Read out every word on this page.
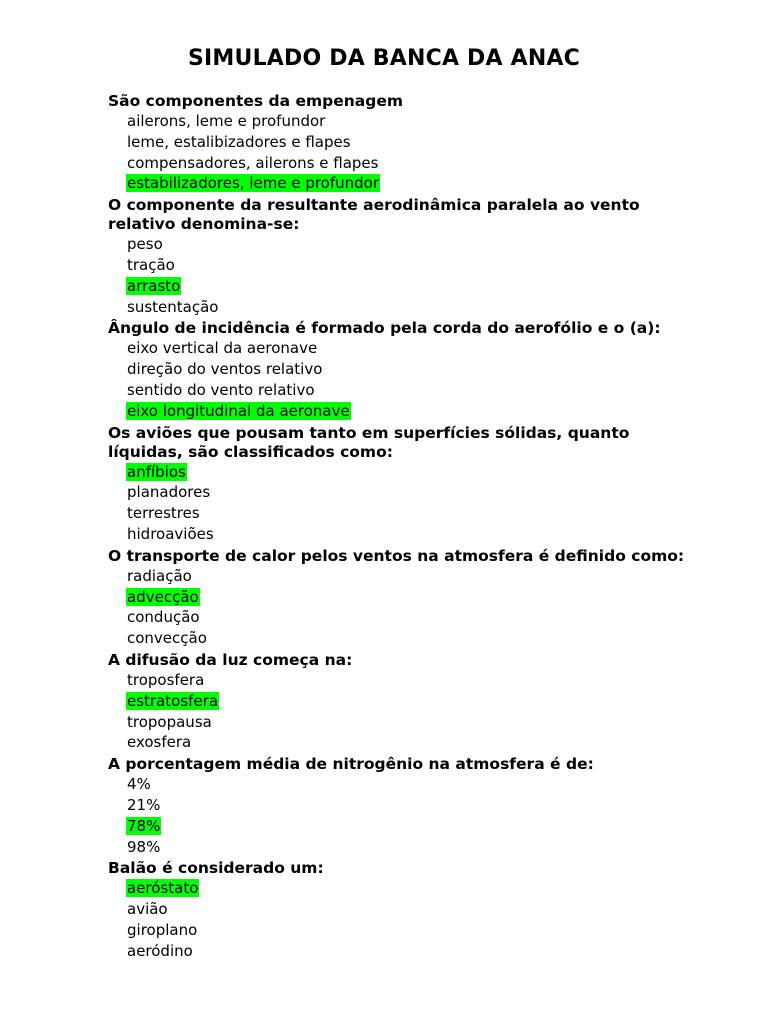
SIMULADO DA BANCA DA ANAC
São componentes da empenagem
ailerons, leme e profundor
leme, estalibizadores e flapes
compensadores, ailerons e flapes
estabilizadores, leme e profundor
O componente da resultante aerodinâmica paralela ao vento relativo denomina-se:
peso
tração
arrasto
sustentação
Ângulo de incidência é formado pela corda do aerofólio e o (a):
eixo vertical da aeronave
direção do ventos relativo
sentido do vento relativo
eixo longitudinal da aeronave
Os aviões que pousam tanto em superfícies sólidas, quanto líquidas, são classificados como:
anfíbios
planadores
terrestres
hidroaviões
O transporte de calor pelos ventos na atmosfera é definido como:
radiação
advecção
condução
convecção
A difusão da luz começa na:
troposfera
estratosfera
tropopausa
exosfera
A porcentagem média de nitrogênio na atmosfera é de:
4%
21%
78%
98%
Balão é considerado um:
aeróstato
avião
giroplano
aeródino
